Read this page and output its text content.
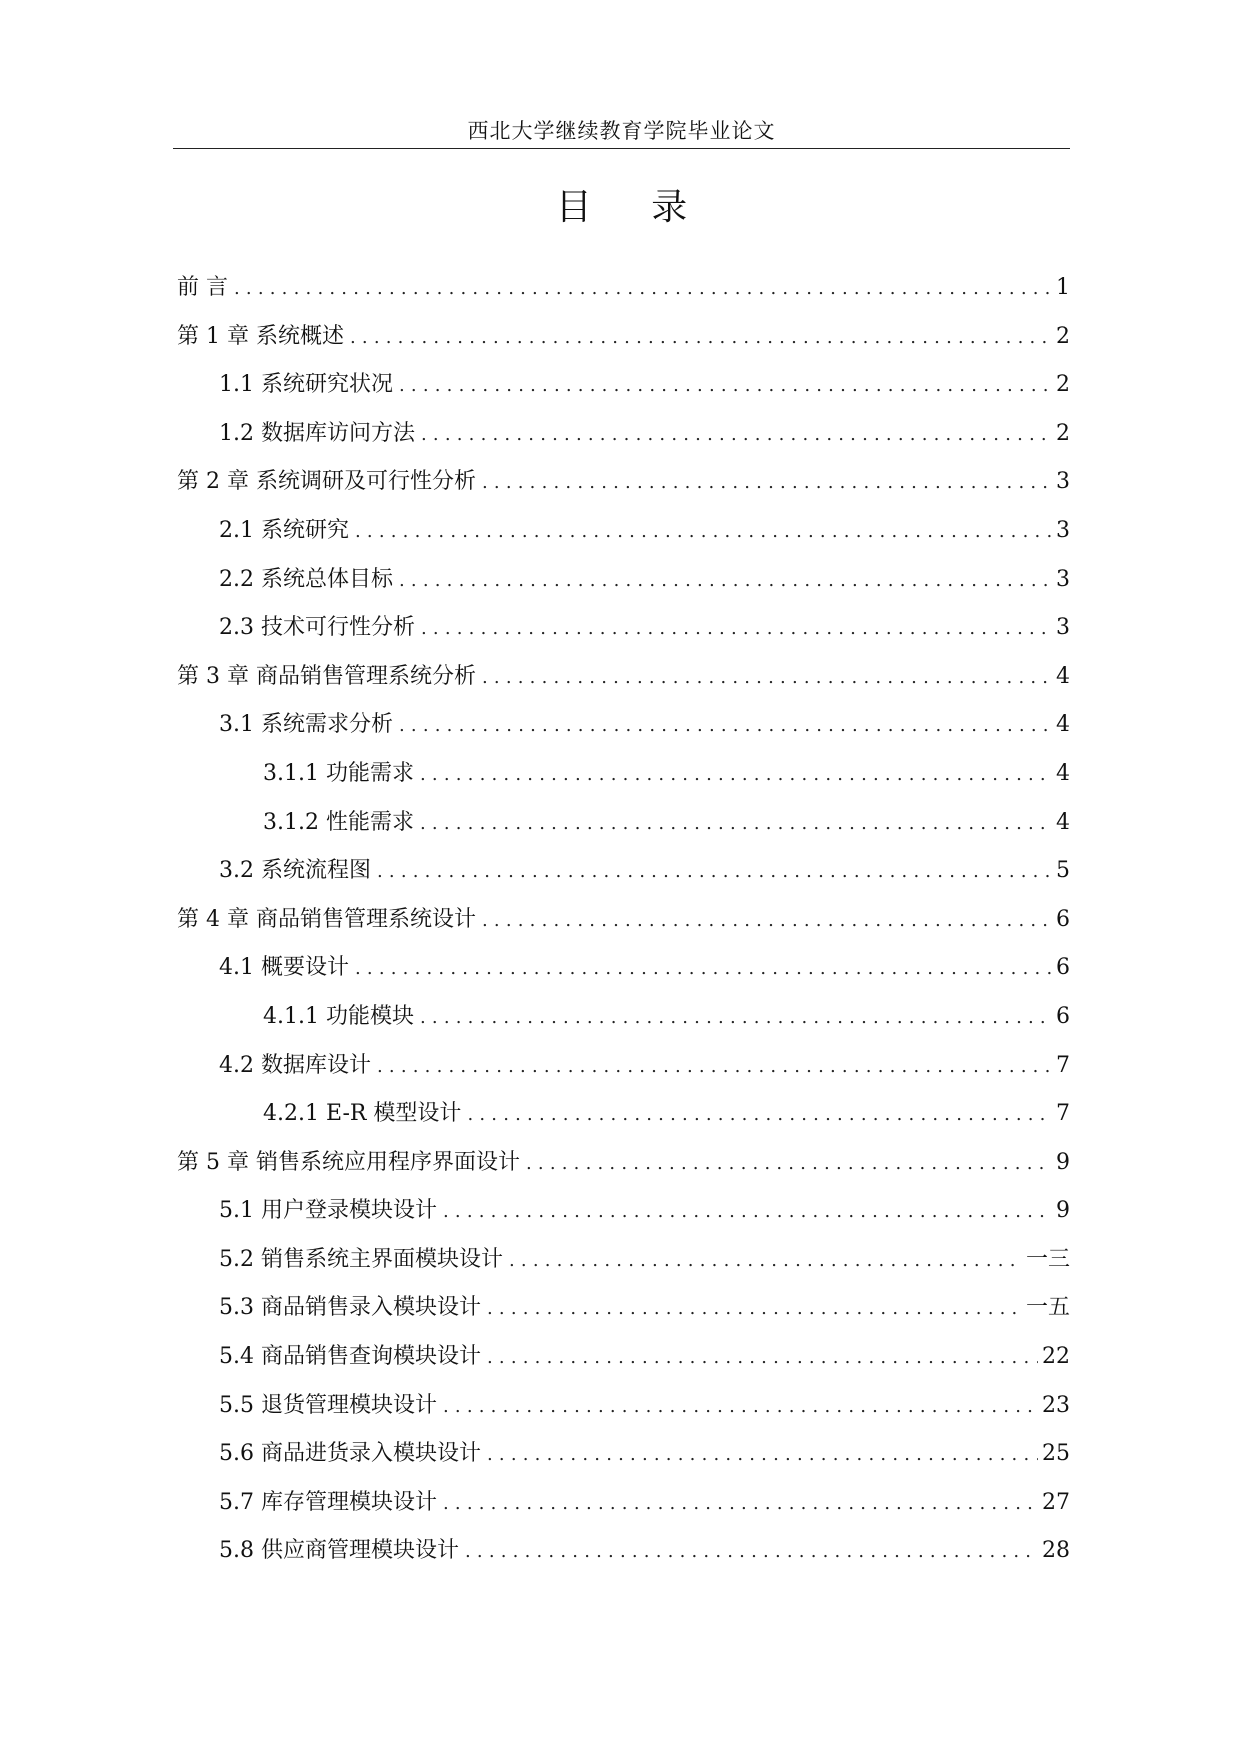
西北大学继续教育学院毕业论文
目 录
前 言 .....	1
第 1 章 系统概述 .....	2
1.1 系统研究状况 .....	2
1.2 数据库访问方法 .....	2
第 2 章 系统调研及可行性分析 .....	3
2.1 系统研究 .....	3
2.2 系统总体目标 .....	3
2.3 技术可行性分析 .....	3
第 3 章 商品销售管理系统分析 .....	4
3.1 系统需求分析 .....	4
3.1.1 功能需求 .....	4
3.1.2 性能需求 .....	4
3.2 系统流程图 .....	5
第 4 章 商品销售管理系统设计 .....	6
4.1 概要设计 .....	6
4.1.1 功能模块 .....	6
4.2 数据库设计 .....	7
4.2.1 E-R 模型设计 .....	7
第 5 章 销售系统应用程序界面设计 .....	9
5.1 用户登录模块设计 .....	9
5.2 销售系统主界面模块设计 .....	一三
5.3 商品销售录入模块设计 .....	一五
5.4 商品销售查询模块设计 .....	22
5.5 退货管理模块设计 .....	23
5.6 商品进货录入模块设计 .....	25
5.7 库存管理模块设计 .....	27
5.8 供应商管理模块设计 .....	28
